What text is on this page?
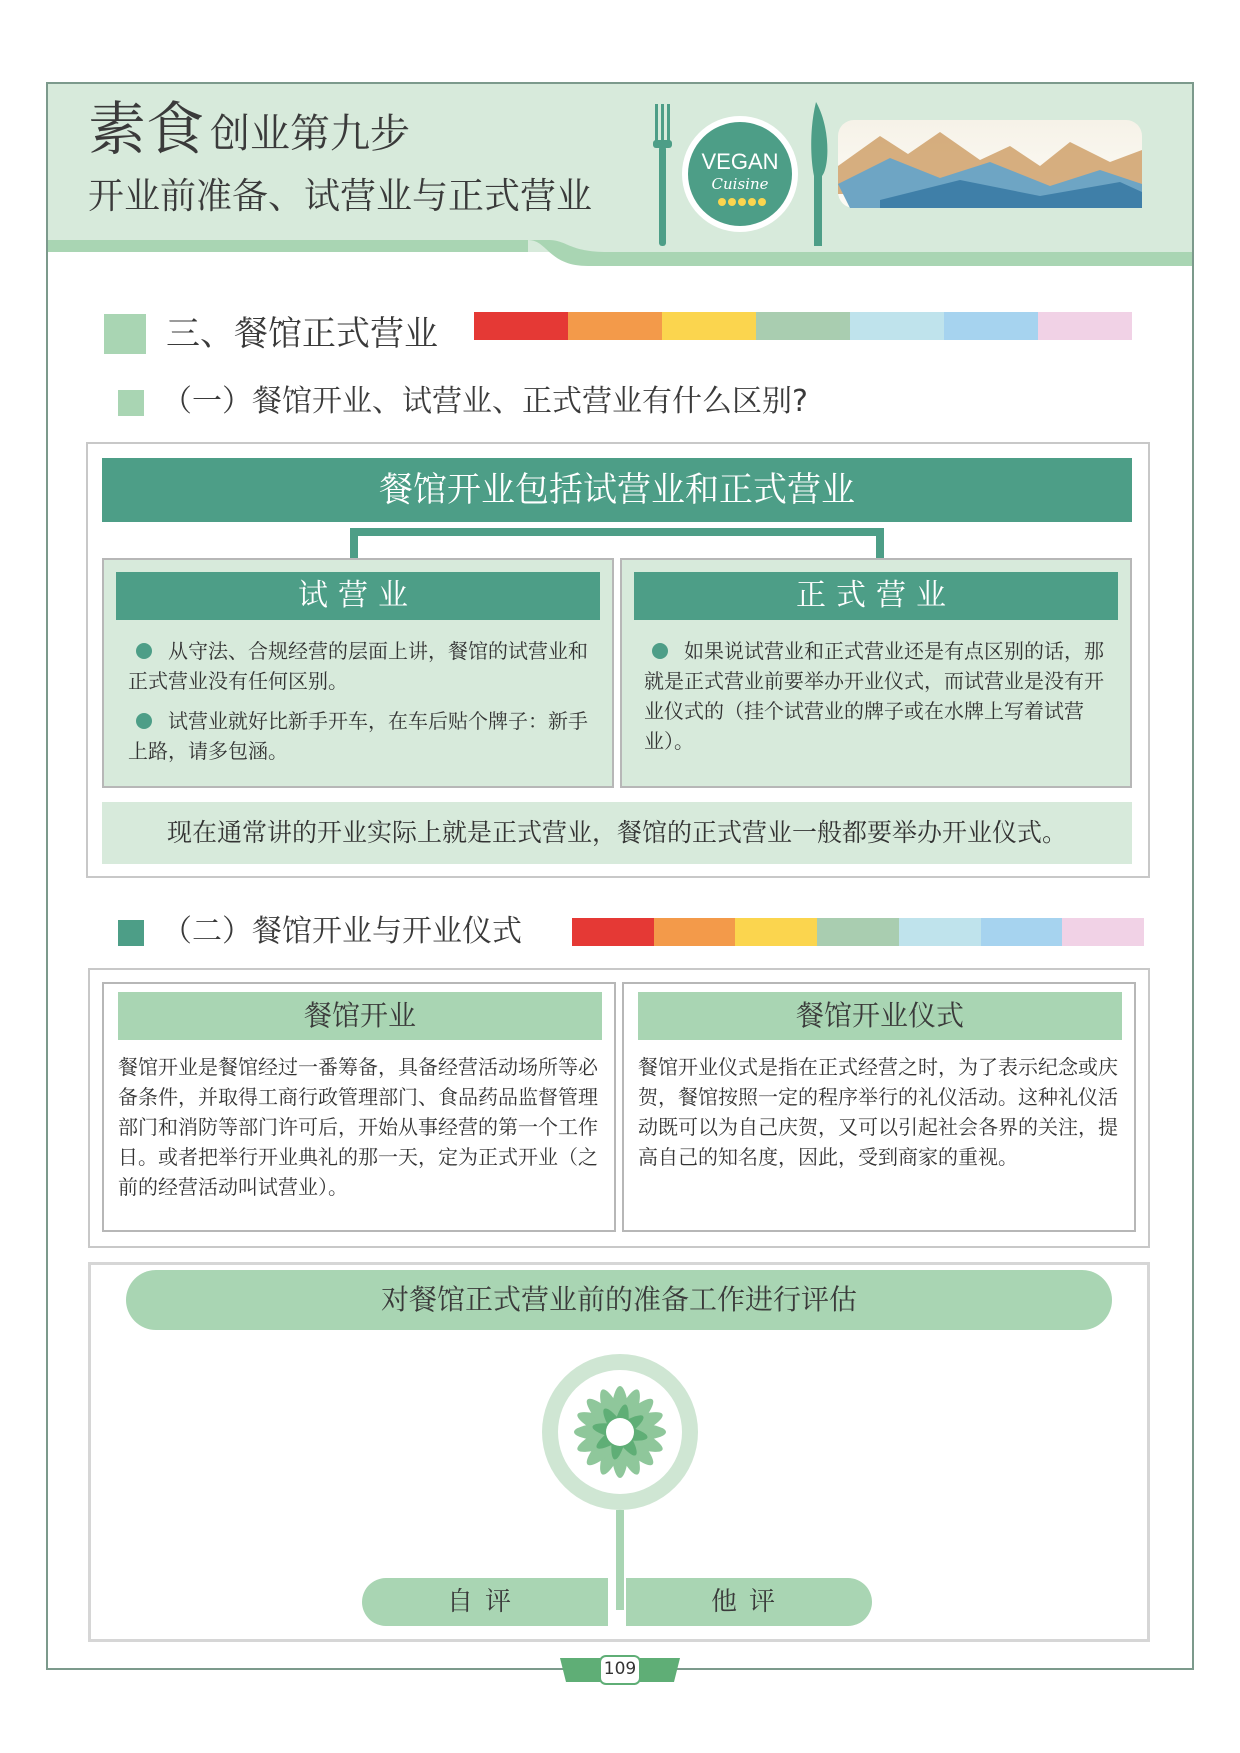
素食 创业第九步
开业前准备、试营业与正式营业
VEGAN
Cuisine
三、餐馆正式营业
（一）餐馆开业、试营业、正式营业有什么区别?
餐馆开业包括试营业和正式营业
试营业
从守法、合规经营的层面上讲，餐馆的试营业和正式营业没有任何区别。
试营业就好比新手开车，在车后贴个牌子：新手上路，请多包涵。
正式营业
如果说试营业和正式营业还是有点区别的话，那就是正式营业前要举办开业仪式，而试营业是没有开业仪式的（挂个试营业的牌子或在水牌上写着试营业）。
现在通常讲的开业实际上就是正式营业，餐馆的正式营业一般都要举办开业仪式。
（二）餐馆开业与开业仪式
餐馆开业
餐馆开业是餐馆经过一番筹备，具备经营活动场所等必备条件，并取得工商行政管理部门、食品药品监督管理部门和消防等部门许可后，开始从事经营的第一个工作日。或者把举行开业典礼的那一天，定为正式开业（之前的经营活动叫试营业）。
餐馆开业仪式
餐馆开业仪式是指在正式经营之时，为了表示纪念或庆贺，餐馆按照一定的程序举行的礼仪活动。这种礼仪活动既可以为自己庆贺，又可以引起社会各界的关注，提高自己的知名度，因此，受到商家的重视。
对餐馆正式营业前的准备工作进行评估
自评	他评
109
